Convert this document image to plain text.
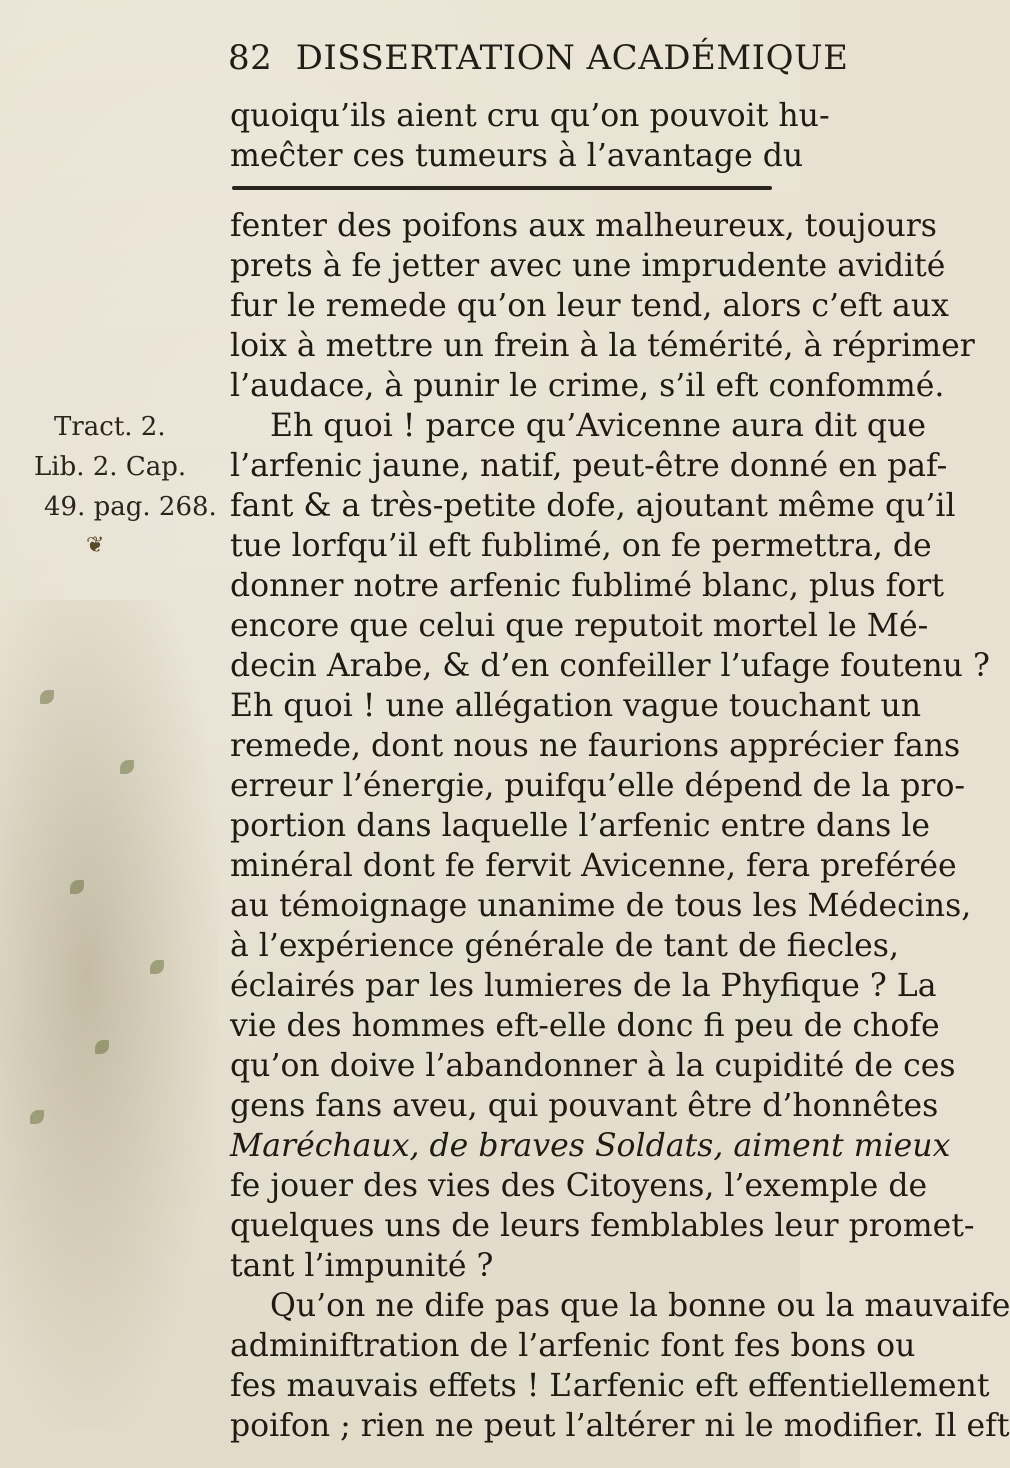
82 DISSERTATION ACADÉMIQUE
quoiqu’ils aient cru qu’on pouvoit hu-
meĉter ces tumeurs à l’avantage du
fenter des poifons aux malheureux, toujours
prets à fe jetter avec une imprudente avidité
fur le remede qu’on leur tend, alors c’eft aux
loix à mettre un frein à la témérité, à réprimer
l’audace, à punir le crime, s’il eft confommé.
Eh quoi ! parce qu’Avicenne aura dit que
l’arfenic jaune, natif, peut-être donné en paf-
fant & a très-petite dofe, ajoutant même qu’il
tue lorfqu’il eft fublimé, on fe permettra, de
donner notre arfenic fublimé blanc, plus fort
encore que celui que reputoit mortel le Mé-
decin Arabe, & d’en confeiller l’ufage foutenu ?
Eh quoi ! une allégation vague touchant un
remede, dont nous ne faurions apprécier fans
erreur l’énergie, puifqu’elle dépend de la pro-
portion dans laquelle l’arfenic entre dans le
minéral dont fe fervit Avicenne, fera preférée
au témoignage unanime de tous les Médecins,
à l’expérience générale de tant de fiecles,
éclairés par les lumieres de la Phyfique ? La
vie des hommes eft-elle donc fi peu de chofe
qu’on doive l’abandonner à la cupidité de ces
gens fans aveu, qui pouvant être d’honnêtes
Maréchaux, de braves Soldats, aiment mieux
fe jouer des vies des Citoyens, l’exemple de
quelques uns de leurs femblables leur promet-
tant l’impunité ?
Qu’on ne dife pas que la bonne ou la mauvaife
adminiftration de l’arfenic font fes bons ou
fes mauvais effets ! L’arfenic eft effentiellement
poifon ; rien ne peut l’altérer ni le modifier. Il eft
Tract. 2.
Lib. 2. Cap.
49. pag. 268.
❦
